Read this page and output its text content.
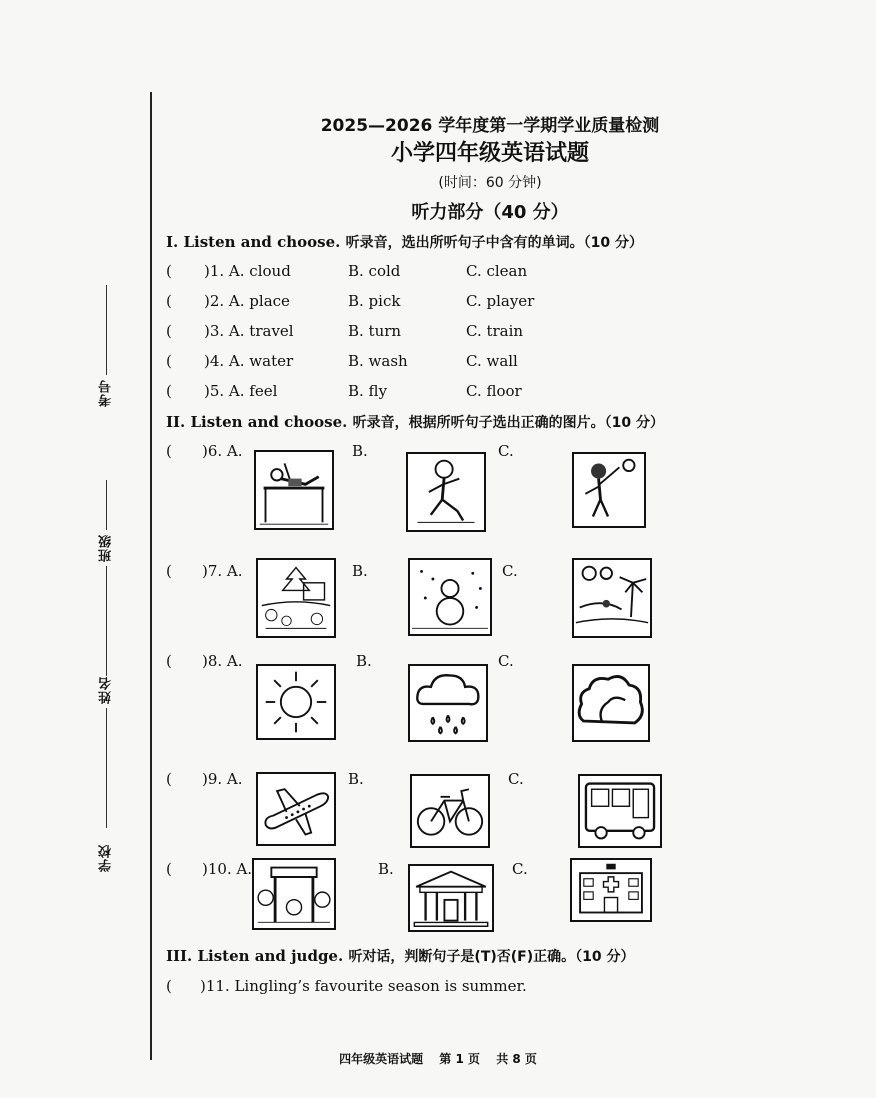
考号
班级
姓名
学校
2025—2026 学年度第一学期学业质量检测
小学四年级英语试题
(时间：60 分钟)
听力部分（40 分）
I. Listen and choose. 听录音，选出所听句子中含有的单词。（10 分）
( )1. A. cloud	B. cold	C. clean
( )2. A. place	B. pick	C. player
( )3. A. travel	B. turn	C. train
( )4. A. water	B. wash	C. wall
( )5. A. feel	B. fly	C. floor
II. Listen and choose. 听录音，根据所听句子选出正确的图片。（10 分）
( )6. A.	B.	C.
( )7. A.	B.	C.
( )8. A.	B.	C.
( )9. A.	B.	C.
( )10. A.	B.	C.
III. Listen and judge. 听对话，判断句子是(T)否(F)正确。（10 分）
( )11. Lingling’s favourite season is summer.
四年级英语试题 第 1 页 共 8 页
